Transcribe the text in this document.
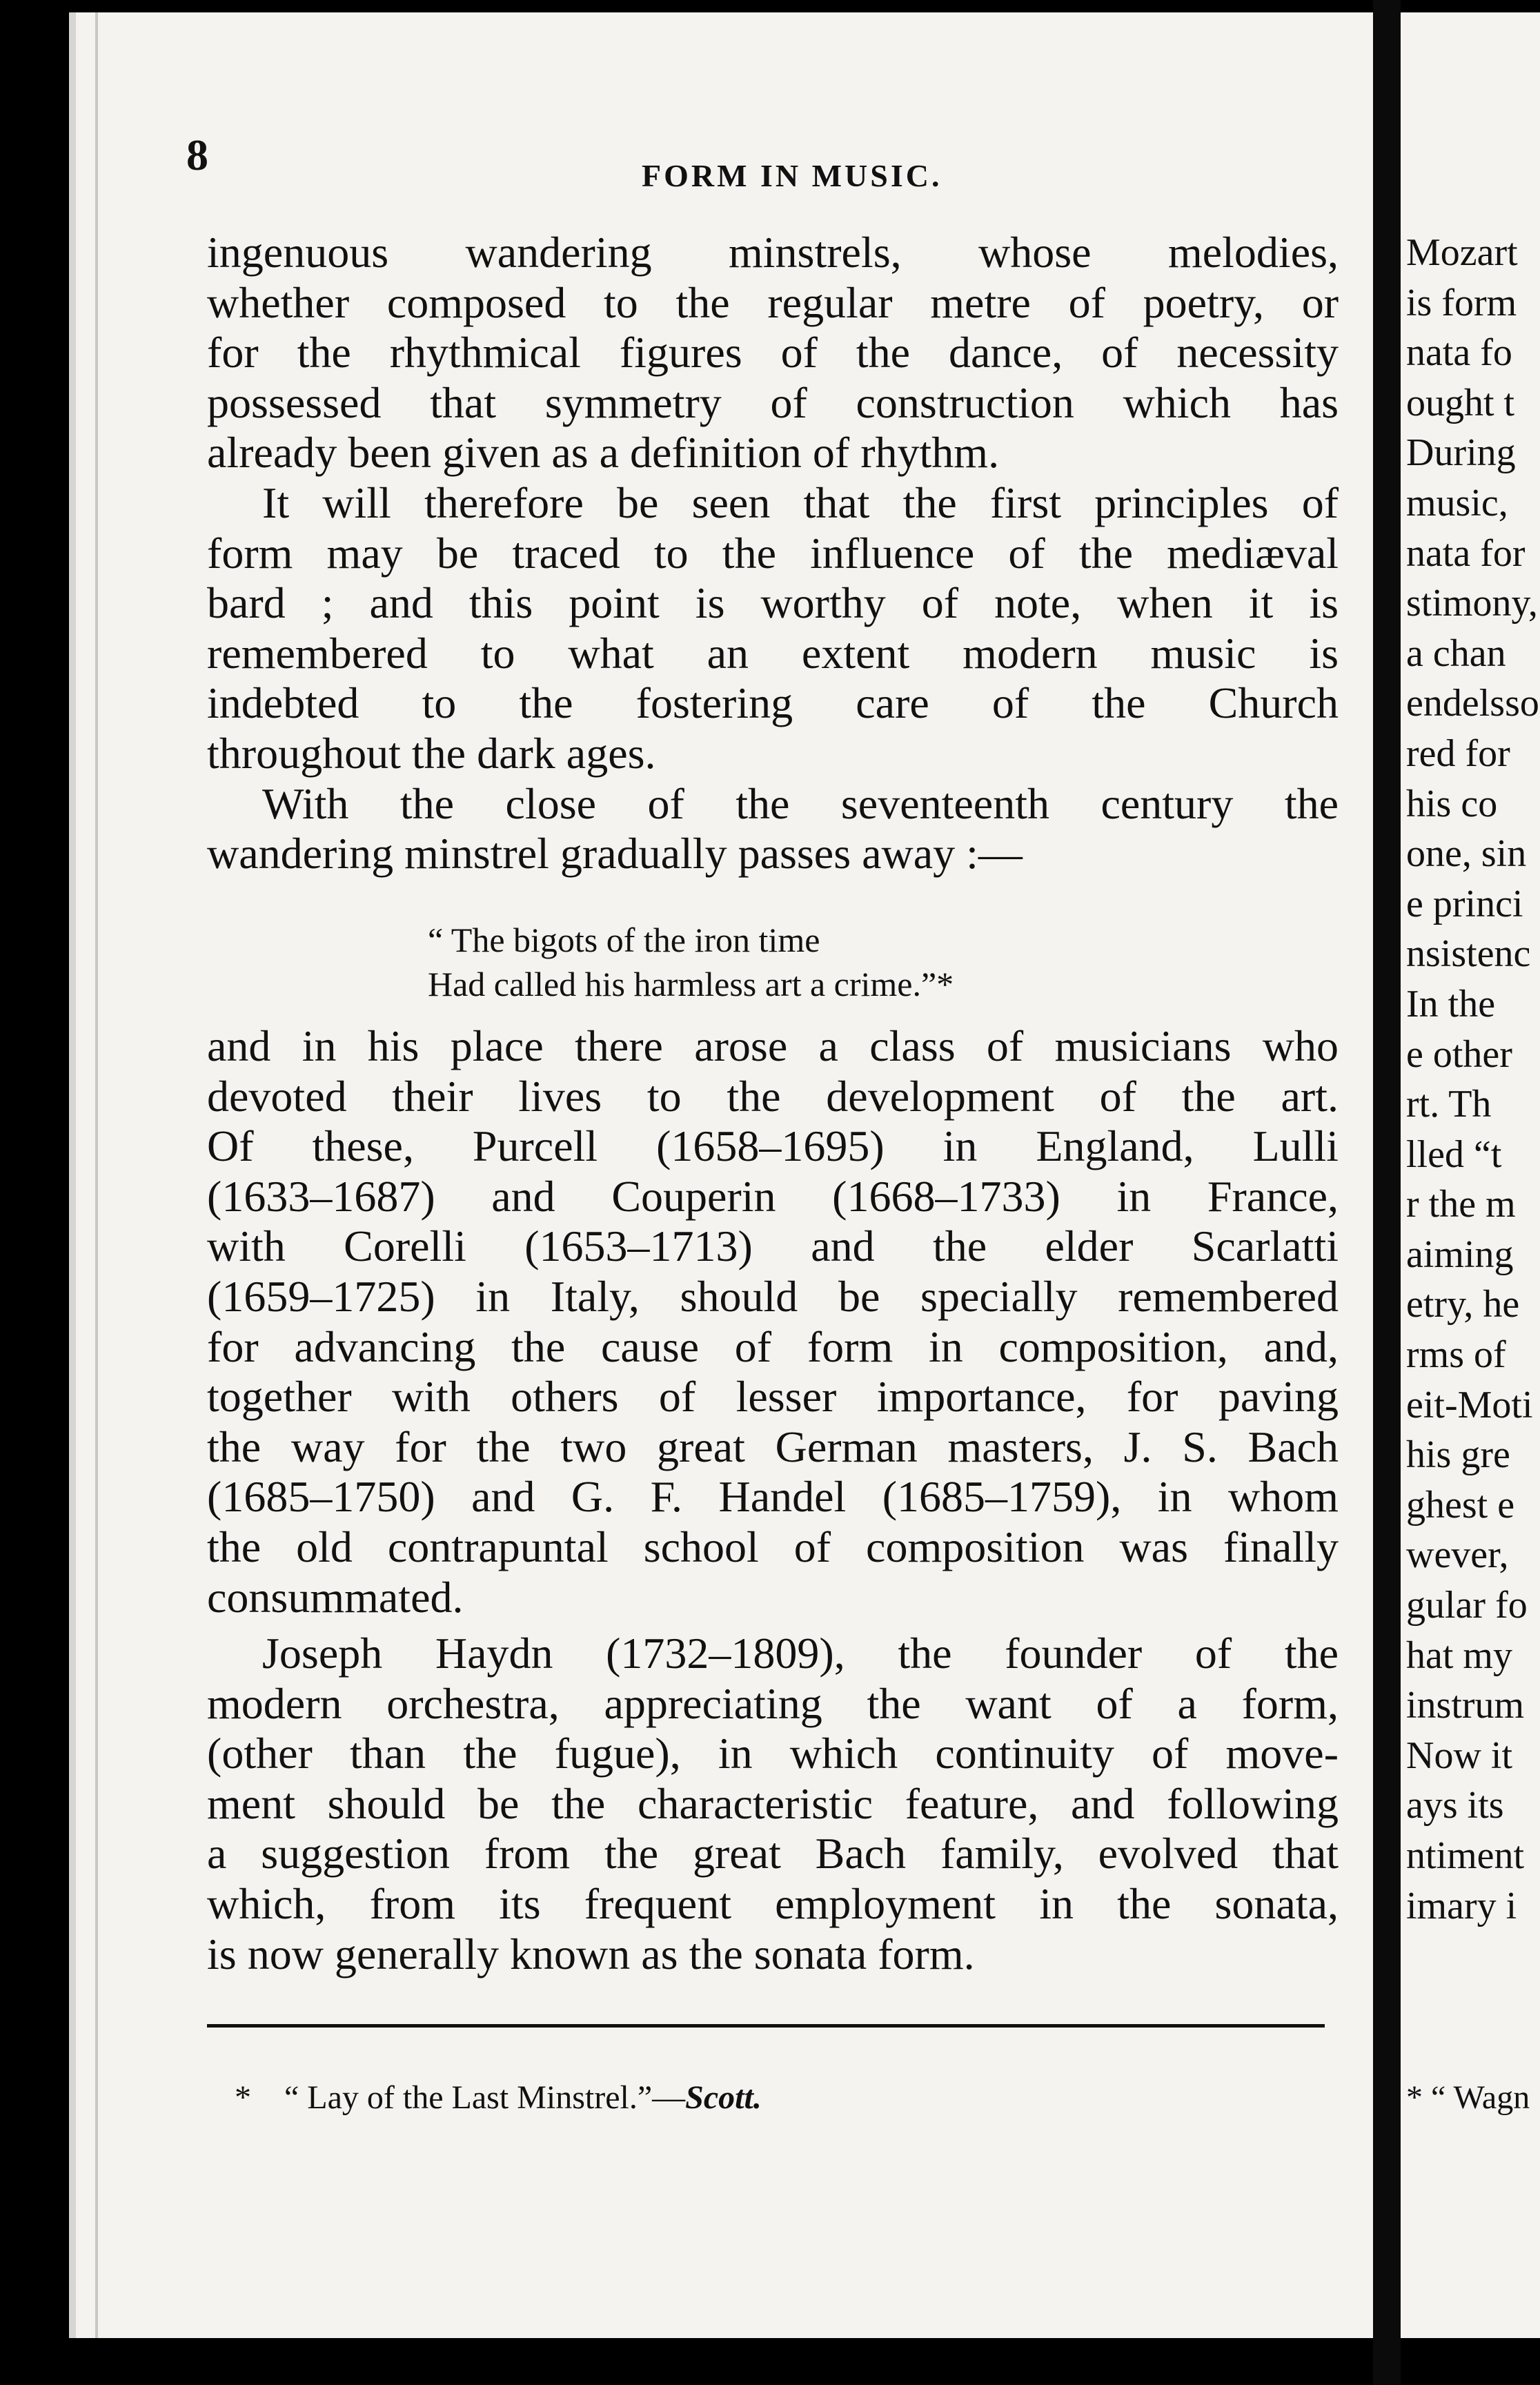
8	FORM IN MUSIC.
ingenuous wandering minstrels, whose melodies,
whether composed to the regular metre of poetry, or
for the rhythmical figures of the dance, of necessity
possessed that symmetry of construction which has
already been given as a definition of rhythm.
It will therefore be seen that the first principles of
form may be traced to the influence of the mediæval
bard ; and this point is worthy of note, when it is
remembered to what an extent modern music is
indebted to the fostering care of the Church
throughout the dark ages.
With the close of the seventeenth century the
wandering minstrel gradually passes away :—
“ The bigots of the iron time
Had called his harmless art a crime.”*
and in his place there arose a class of musicians who
devoted their lives to the development of the art.
Of these, Purcell (1658–1695) in England, Lulli
(1633–1687) and Couperin (1668–1733) in France,
with Corelli (1653–1713) and the elder Scarlatti
(1659–1725) in Italy, should be specially remembered
for advancing the cause of form in composition, and,
together with others of lesser importance, for paving
the way for the two great German masters, J. S. Bach
(1685–1750) and G. F. Handel (1685–1759), in whom
the old contrapuntal school of composition was finally
consummated.
Joseph Haydn (1732–1809), the founder of the
modern orchestra, appreciating the want of a form,
(other than the fugue), in which continuity of move-
ment should be the characteristic feature, and following
a suggestion from the great Bach family, evolved that
which, from its frequent employment in the sonata,
is now generally known as the sonata form.
* “ Lay of the Last Minstrel.”—Scott.
Mozart
is form
nata fo
ought t
During
music,
nata for
stimony,
a chan
endelsso
red for
his co
one, sin
e princi
nsistenc
In the
e other
rt. Th
lled “t
r the m
aiming
etry, he
rms of
eit-Moti
his gre
ghest e
wever,
gular fo
hat my
instrum
Now it
ays its
ntiment
imary i
* “ Wagn
